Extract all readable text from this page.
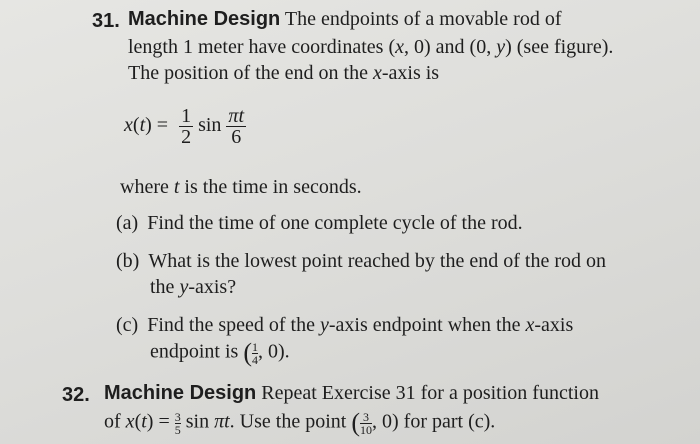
31. Machine Design The endpoints of a movable rod of
length 1 meter have coordinates (x, 0) and (0, y) (see figure).
The position of the end on the x-axis is
$x(t) = \frac{1}{2}$ $\sin \frac{\pi t}{6}$
where t is the time in seconds.
(a) Find the time of one complete cycle of the rod.
(b) What is the lowest point reached by the end of the rod on
the y-axis?
(c) Find the speed of the y-axis endpoint when the x-axis
endpoint is ( $\frac{1}{4}$ , 0).
32. Machine Design Repeat Exercise 31 for a position function
of $x(t) = \frac{3}{5}$ sin πt. Use the point ( $\frac{3}{10}$ , 0) for part (c).
